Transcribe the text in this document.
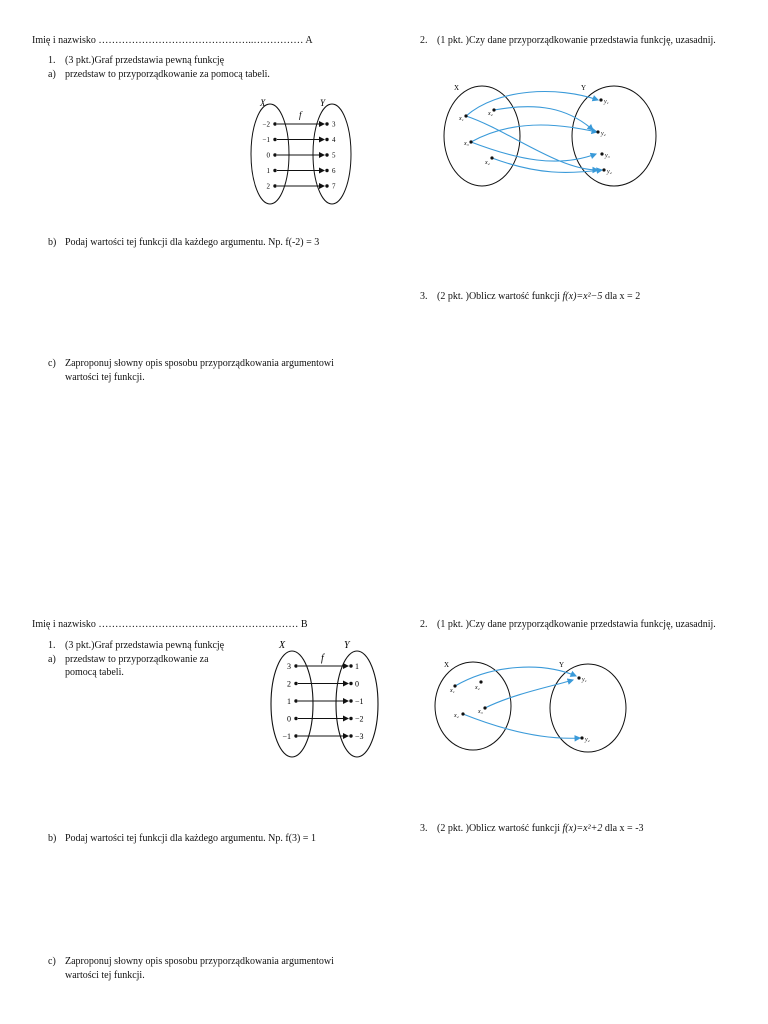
Imię i nazwisko ………………………………………..…………… A
1. (3 pkt.)Graf przedstawia pewną funkcję
a) przedstaw to przyporządkowanie za pomocą tabeli.
X	Y
f
−2
−1
0
1
2
3
4
5
6
7
b) Podaj wartości tej funkcji dla każdego argumentu. Np. f(-2) = 3
c) Zaproponuj słowny opis sposobu przyporządkowania argumentowi
wartości tej funkcji.
2. (1 pkt. )Czy dane przyporządkowanie przedstawia funkcję, uzasadnij.
X	Y
x₁
x₂
x₃
x₄
y₁
y₂
y₃
y₄
3. (2 pkt. )Oblicz wartość funkcji f(x)=x²−5 dla x = 2
Imię i nazwisko …………………………………………………… B
1. (3 pkt.)Graf przedstawia pewną funkcję
a) przedstaw to przyporządkowanie za
pomocą tabeli.
X	Y
f
3
2
1
0
−1
1
0
−1
−2
−3
b) Podaj wartości tej funkcji dla każdego argumentu. Np. f(3) = 1
c) Zaproponuj słowny opis sposobu przyporządkowania argumentowi
wartości tej funkcji.
2. (1 pkt. )Czy dane przyporządkowanie przedstawia funkcję, uzasadnij.
X	Y
x₁	x₂
x₃
x₄
y₁
y₂
3. (2 pkt. )Oblicz wartość funkcji f(x)=x²+2 dla x = -3
